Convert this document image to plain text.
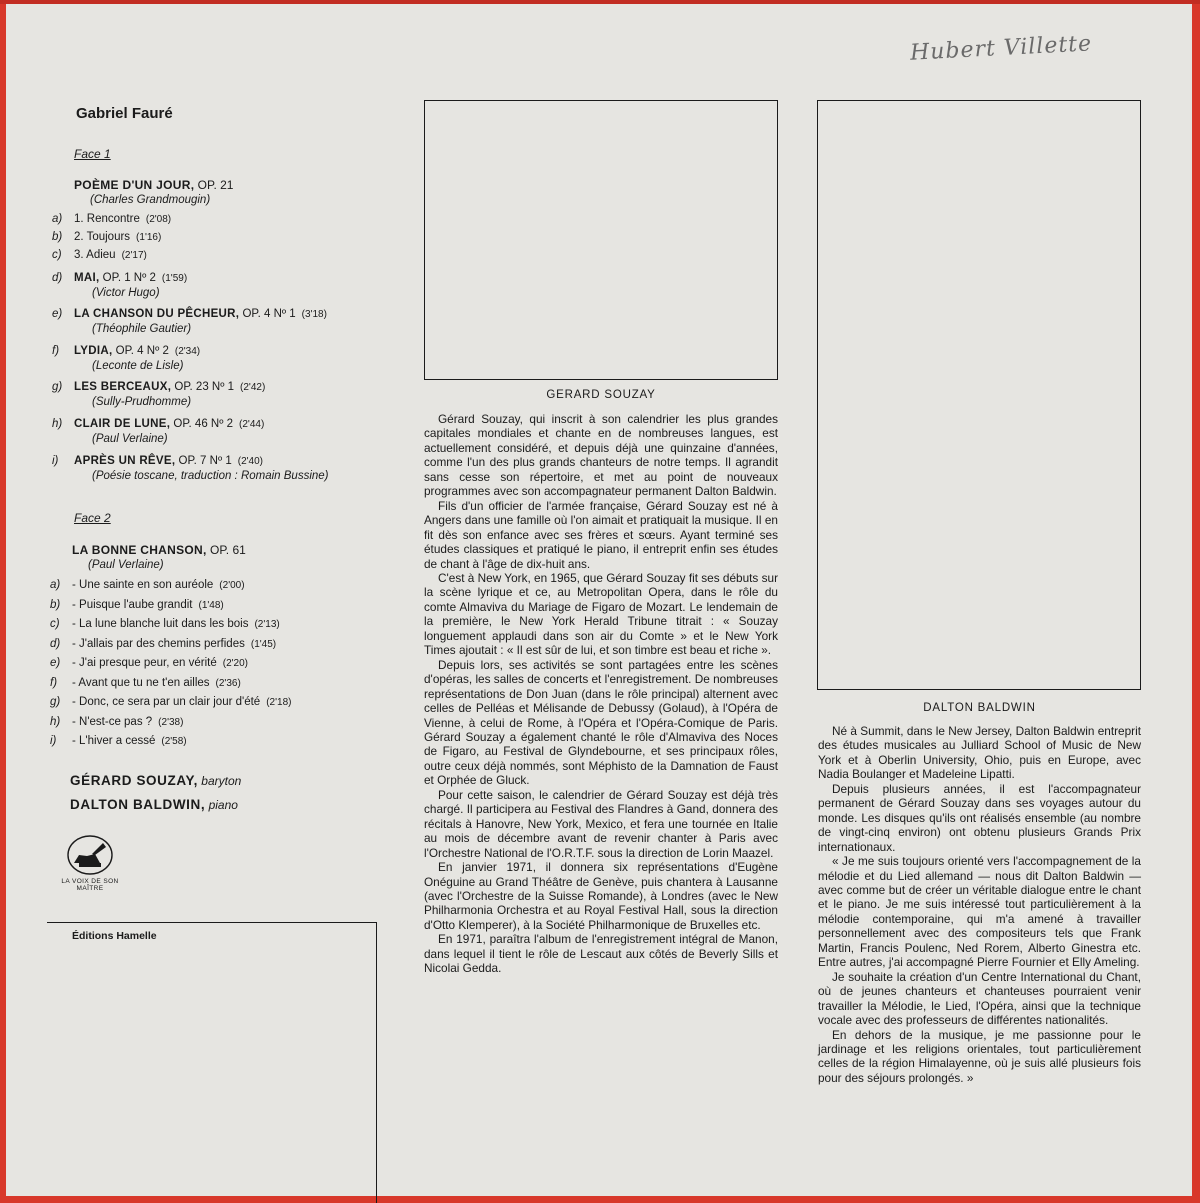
Hubert Villette
Gabriel Fauré
Face 1
POÈME D'UN JOUR, OP. 21
(Charles Grandmougin)
a) 1. Rencontre (2'08)
b) 2. Toujours (1'16)
c) 3. Adieu (2'17)
d) MAI, OP. 1 Nº 2 (1'59)
(Victor Hugo)
e) LA CHANSON DU PÊCHEUR, OP. 4 Nº 1 (3'18)
(Théophile Gautier)
f) LYDIA, OP. 4 Nº 2 (2'34)
(Leconte de Lisle)
g) LES BERCEAUX, OP. 23 Nº 1 (2'42)
(Sully-Prudhomme)
h) CLAIR DE LUNE, OP. 46 Nº 2 (2'44)
(Paul Verlaine)
i) APRÈS UN RÊVE, OP. 7 Nº 1 (2'40)
(Poésie toscane, traduction : Romain Bussine)
Face 2
LA BONNE CHANSON, OP. 61
(Paul Verlaine)
a) - Une sainte en son auréole (2'00)
b) - Puisque l'aube grandit (1'48)
c) - La lune blanche luit dans les bois (2'13)
d) - J'allais par des chemins perfides (1'45)
e) - J'ai presque peur, en vérité (2'20)
f) - Avant que tu ne t'en ailles (2'36)
g) - Donc, ce sera par un clair jour d'été (2'18)
h) - N'est-ce pas ? (2'38)
i) - L'hiver a cessé (2'58)
GÉRARD SOUZAY, baryton
DALTON BALDWIN, piano
LA VOIX DE SON MAÎTRE
Éditions Hamelle
GERARD SOUZAY

Gérard Souzay, qui inscrit à son calendrier les plus grandes capitales mondiales et chante en de nombreuses langues, est actuellement considéré, et depuis déjà une quinzaine d'années, comme l'un des plus grands chanteurs de notre temps. Il agrandit sans cesse son répertoire, et met au point de nouveaux programmes avec son accompagnateur permanent Dalton Baldwin.

Fils d'un officier de l'armée française, Gérard Souzay est né à Angers dans une famille où l'on aimait et pratiquait la musique. Il en fit dès son enfance avec ses frères et sœurs. Ayant terminé ses études classiques et pratiqué le piano, il entreprit enfin ses études de chant à l'âge de dix-huit ans.

C'est à New York, en 1965, que Gérard Souzay fit ses débuts sur la scène lyrique et ce, au Metropolitan Opera, dans le rôle du comte Almaviva du Mariage de Figaro de Mozart. Le lendemain de la première, le New York Herald Tribune titrait : « Souzay longuement applaudi dans son air du Comte » et le New York Times ajoutait : « Il est sûr de lui, et son timbre est beau et riche ».

Depuis lors, ses activités se sont partagées entre les scènes d'opéras, les salles de concerts et l'enregistrement. De nombreuses représentations de Don Juan (dans le rôle principal) alternent avec celles de Pelléas et Mélisande de Debussy (Golaud), à l'Opéra de Vienne, à celui de Rome, à l'Opéra et l'Opéra-Comique de Paris. Gérard Souzay a également chanté le rôle d'Almaviva des Noces de Figaro, au Festival de Glyndebourne, et ses principaux rôles, outre ceux déjà nommés, sont Méphisto de la Damnation de Faust et Orphée de Gluck.

Pour cette saison, le calendrier de Gérard Souzay est déjà très chargé. Il participera au Festival des Flandres à Gand, donnera des récitals à Hanovre, New York, Mexico, et fera une tournée en Italie au mois de décembre avant de revenir chanter à Paris avec l'Orchestre National de l'O.R.T.F. sous la direction de Lorin Maazel.

En janvier 1971, il donnera six représentations d'Eugène Onéguine au Grand Théâtre de Genève, puis chantera à Lausanne (avec l'Orchestre de la Suisse Romande), à Londres (avec le New Philharmonia Orchestra et au Royal Festival Hall, sous la direction d'Otto Klemperer), à la Société Philharmonique de Bruxelles etc.

En 1971, paraîtra l'album de l'enregistrement intégral de Manon, dans lequel il tient le rôle de Lescaut aux côtés de Beverly Sills et Nicolai Gedda.

DALTON BALDWIN

Né à Summit, dans le New Jersey, Dalton Baldwin entreprit des études musicales au Julliard School of Music de New York et à Oberlin University, Ohio, puis en Europe, avec Nadia Boulanger et Madeleine Lipatti.

Depuis plusieurs années, il est l'accompagnateur permanent de Gérard Souzay dans ses voyages autour du monde. Les disques qu'ils ont réalisés ensemble (au nombre de vingt-cinq environ) ont obtenu plusieurs Grands Prix internationaux.

« Je me suis toujours orienté vers l'accompagnement de la mélodie et du Lied allemand — nous dit Dalton Baldwin — avec comme but de créer un véritable dialogue entre le chant et le piano. Je me suis intéressé tout particulièrement à la mélodie contemporaine, qui m'a amené à travailler personnellement avec des compositeurs tels que Frank Martin, Francis Poulenc, Ned Rorem, Alberto Ginestra etc. Entre autres, j'ai accompagné Pierre Fournier et Elly Ameling.

Je souhaite la création d'un Centre International du Chant, où de jeunes chanteurs et chanteuses pourraient venir travailler la Mélodie, le Lied, l'Opéra, ainsi que la technique vocale avec des professeurs de différentes nationalités.

En dehors de la musique, je me passionne pour le jardinage et les religions orientales, tout particulièrement celles de la région Himalayenne, où je suis allé plusieurs fois pour des séjours prolongés. »
